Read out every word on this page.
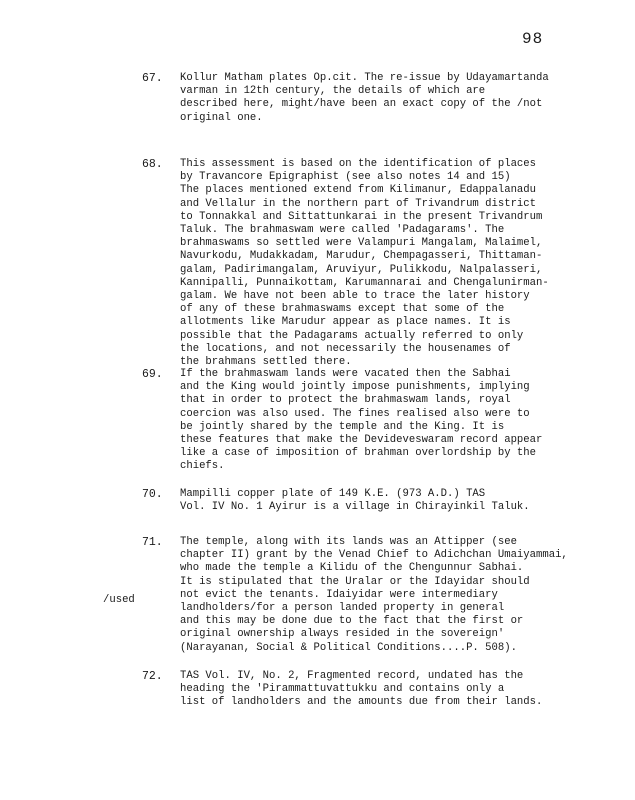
98
67. Kollur Matham plates Op.cit. The re-issue by Udayamartanda
varman in 12th century, the details of which are
described here, might/have been an exact copy of the /not
original one.
68. This assessment is based on the identification of places
by Travancore Epigraphist (see also notes 14 and 15)
The places mentioned extend from Kilimanur, Edappalanadu
and Vellalur in the northern part of Trivandrum district
to Tonnakkal and Sittattunkarai in the present Trivandrum
Taluk. The brahmaswam were called 'Padagarams'. The
brahmaswams so settled were Valampuri Mangalam, Malaimel,
Navurkodu, Mudakkadam, Marudur, Chempagasseri, Thittaman-
galam, Padirimangalam, Aruviyur, Pulikkodu, Nalpalasseri,
Kannipalli, Punnaikottam, Karumannarai and Chengalunirman-
galam. We have not been able to trace the later history
of any of these brahmaswams except that some of the
allotments like Marudur appear as place names. It is
possible that the Padagarams actually referred to only
the locations, and not necessarily the housenames of
the brahmans settled there.
69. If the brahmaswam lands were vacated then the Sabhai
and the King would jointly impose punishments, implying
that in order to protect the brahmaswam lands, royal
coercion was also used. The fines realised also were to
be jointly shared by the temple and the King. It is
these features that make the Devideveswaram record appear
like a case of imposition of brahman overlordship by the
chiefs.
70. Mampilli copper plate of 149 K.E. (973 A.D.) TAS
Vol. IV No. 1 Ayirur is a village in Chirayinkil Taluk.
/used
71. The temple, along with its lands was an Attipper (see
chapter II) grant by the Venad Chief to Adichchan Umaiyammai,
who made the temple a Kilidu of the Chengunnur Sabhai.
It is stipulated that the Uralar or the Idayidar should
not evict the tenants. Idaiyidar were intermediary
landholders/for a person landed property in general
and this may be done due to the fact that the first or
original ownership always resided in the sovereign'
(Narayanan, Social & Political Conditions....P. 508).
72. TAS Vol. IV, No. 2, Fragmented record, undated has the
heading the 'Pirammattuvattukku and contains only a
list of landholders and the amounts due from their lands.
